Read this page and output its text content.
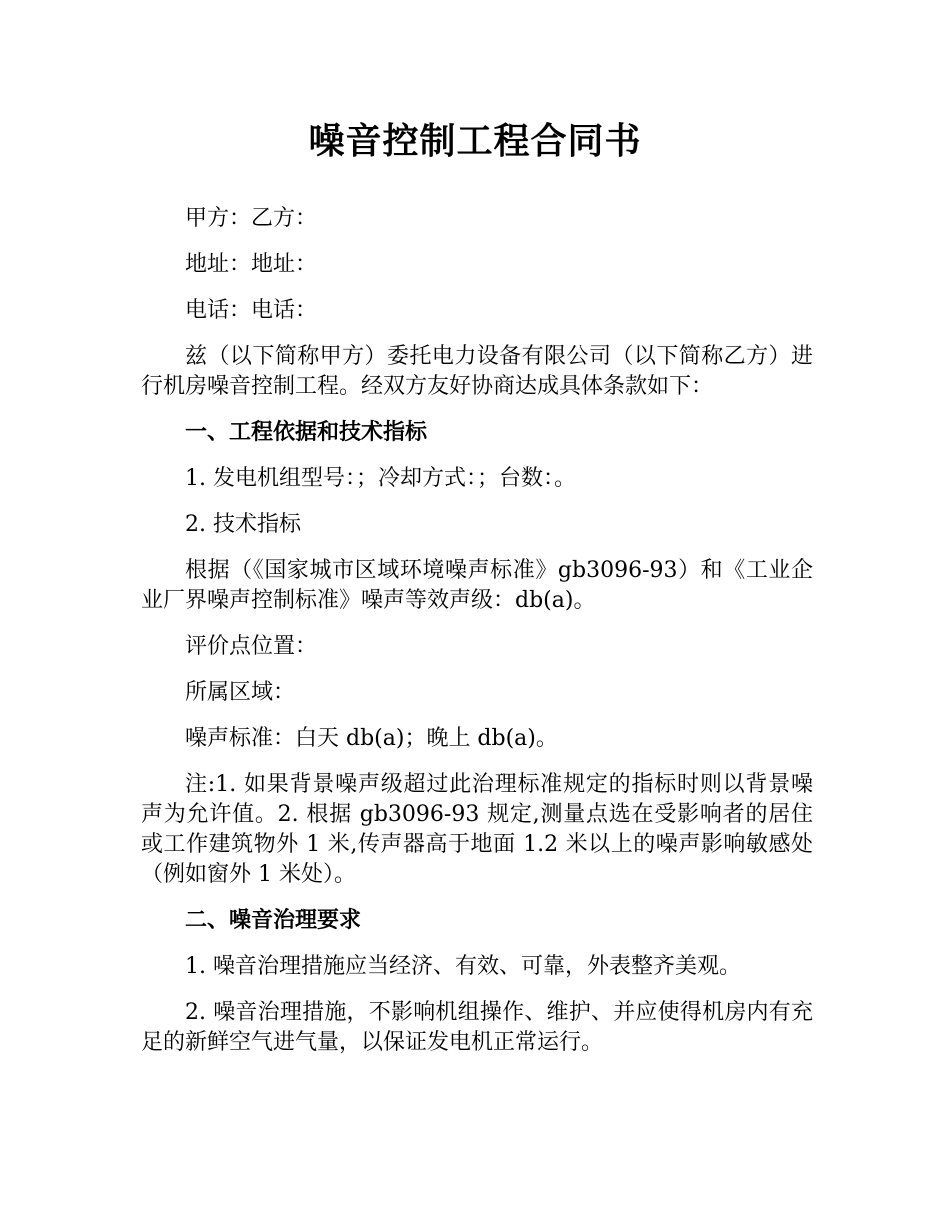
噪音控制工程合同书

甲方：乙方：

地址：地址：

电话：电话：

兹（以下简称甲方）委托电力设备有限公司（以下简称乙方）进行机房噪音控制工程。经双方友好协商达成具体条款如下：

一、工程依据和技术指标

1. 发电机组型号：；冷却方式：；台数：。

2. 技术指标

根据（《国家城市区域环境噪声标准》gb3096-93）和《工业企业厂界噪声控制标准》噪声等效声级：db(a)。

评价点位置：

所属区域：

噪声标准：白天 db(a)；晚上 db(a)。

注:1. 如果背景噪声级超过此治理标准规定的指标时则以背景噪声为允许值。2. 根据 gb3096-93 规定,测量点选在受影响者的居住或工作建筑物外 1 米,传声器高于地面 1.2 米以上的噪声影响敏感处（例如窗外 1 米处）。

二、噪音治理要求

1. 噪音治理措施应当经济、有效、可靠，外表整齐美观。

2. 噪音治理措施，不影响机组操作、维护、并应使得机房内有充足的新鲜空气进气量，以保证发电机正常运行。
